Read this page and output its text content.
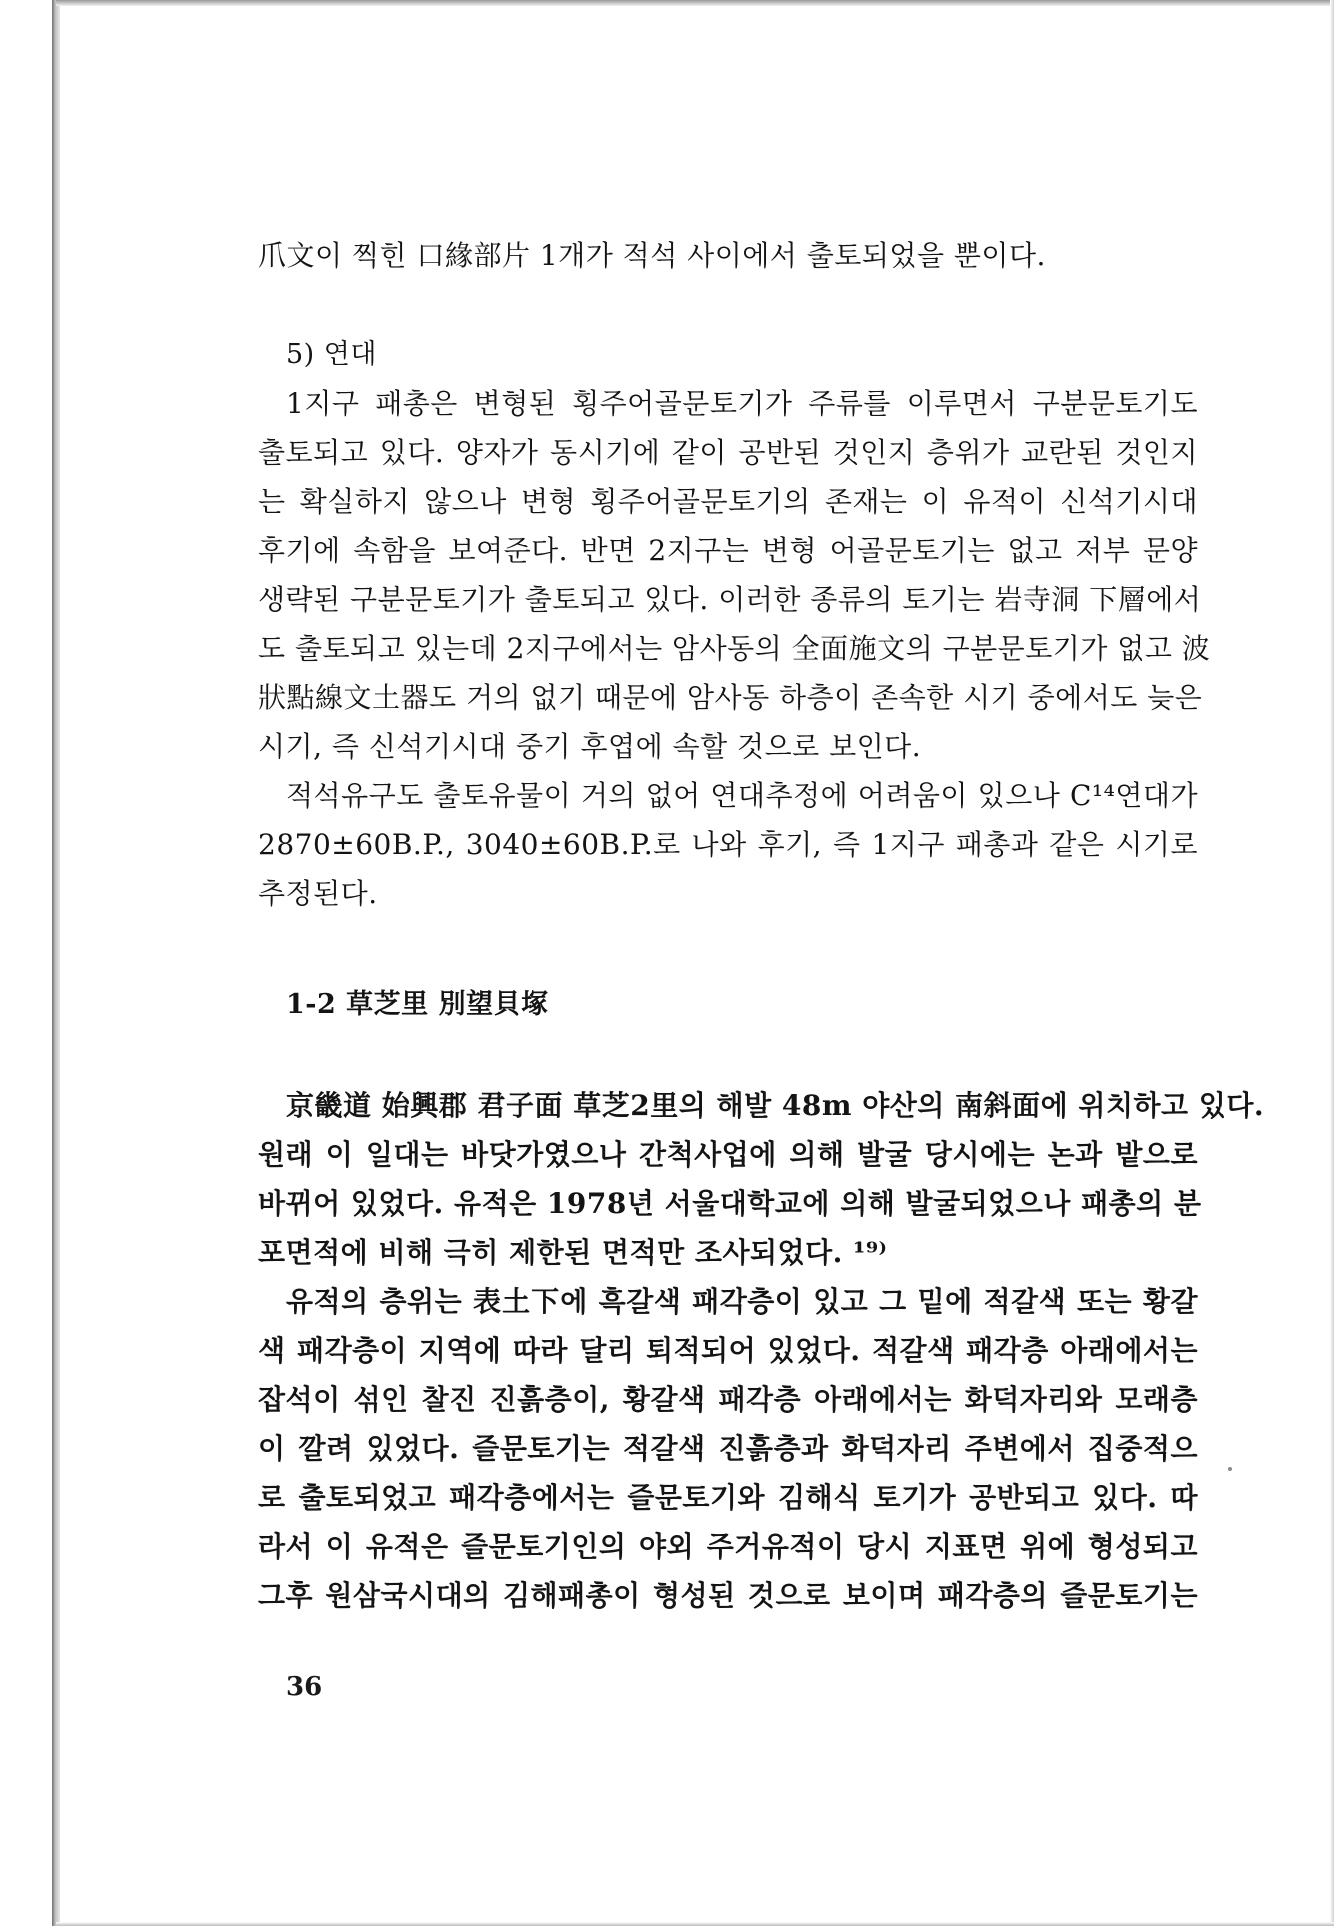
爪文이 찍힌 口緣部片 1개가 적석 사이에서 출토되었을 뿐이다.
5) 연대
1지구 패총은 변형된 횡주어골문토기가 주류를 이루면서 구분문토기도
출토되고 있다. 양자가 동시기에 같이 공반된 것인지 층위가 교란된 것인지
는 확실하지 않으나 변형 횡주어골문토기의 존재는 이 유적이 신석기시대
후기에 속함을 보여준다. 반면 2지구는 변형 어골문토기는 없고 저부 문양
생략된 구분문토기가 출토되고 있다. 이러한 종류의 토기는 岩寺洞 下層에서
도 출토되고 있는데 2지구에서는 암사동의 全面施文의 구분문토기가 없고 波
狀點線文土器도 거의 없기 때문에 암사동 하층이 존속한 시기 중에서도 늦은
시기, 즉 신석기시대 중기 후엽에 속할 것으로 보인다.
적석유구도 출토유물이 거의 없어 연대추정에 어려움이 있으나 C¹⁴연대가
2870±60B.P., 3040±60B.P.로 나와 후기, 즉 1지구 패총과 같은 시기로
추정된다.
1-2 草芝里 別望貝塚
京畿道 始興郡 君子面 草芝2里의 해발 48m 야산의 南斜面에 위치하고 있다.
원래 이 일대는 바닷가였으나 간척사업에 의해 발굴 당시에는 논과 밭으로
바뀌어 있었다. 유적은 1978년 서울대학교에 의해 발굴되었으나 패총의 분
포면적에 비해 극히 제한된 면적만 조사되었다. ¹⁹⁾
유적의 층위는 表土下에 흑갈색 패각층이 있고 그 밑에 적갈색 또는 황갈
색 패각층이 지역에 따라 달리 퇴적되어 있었다. 적갈색 패각층 아래에서는
잡석이 섞인 찰진 진흙층이, 황갈색 패각층 아래에서는 화덕자리와 모래층
이 깔려 있었다. 즐문토기는 적갈색 진흙층과 화덕자리 주변에서 집중적으
로 출토되었고 패각층에서는 즐문토기와 김해식 토기가 공반되고 있다. 따
라서 이 유적은 즐문토기인의 야외 주거유적이 당시 지표면 위에 형성되고
그후 원삼국시대의 김해패총이 형성된 것으로 보이며 패각층의 즐문토기는
36
